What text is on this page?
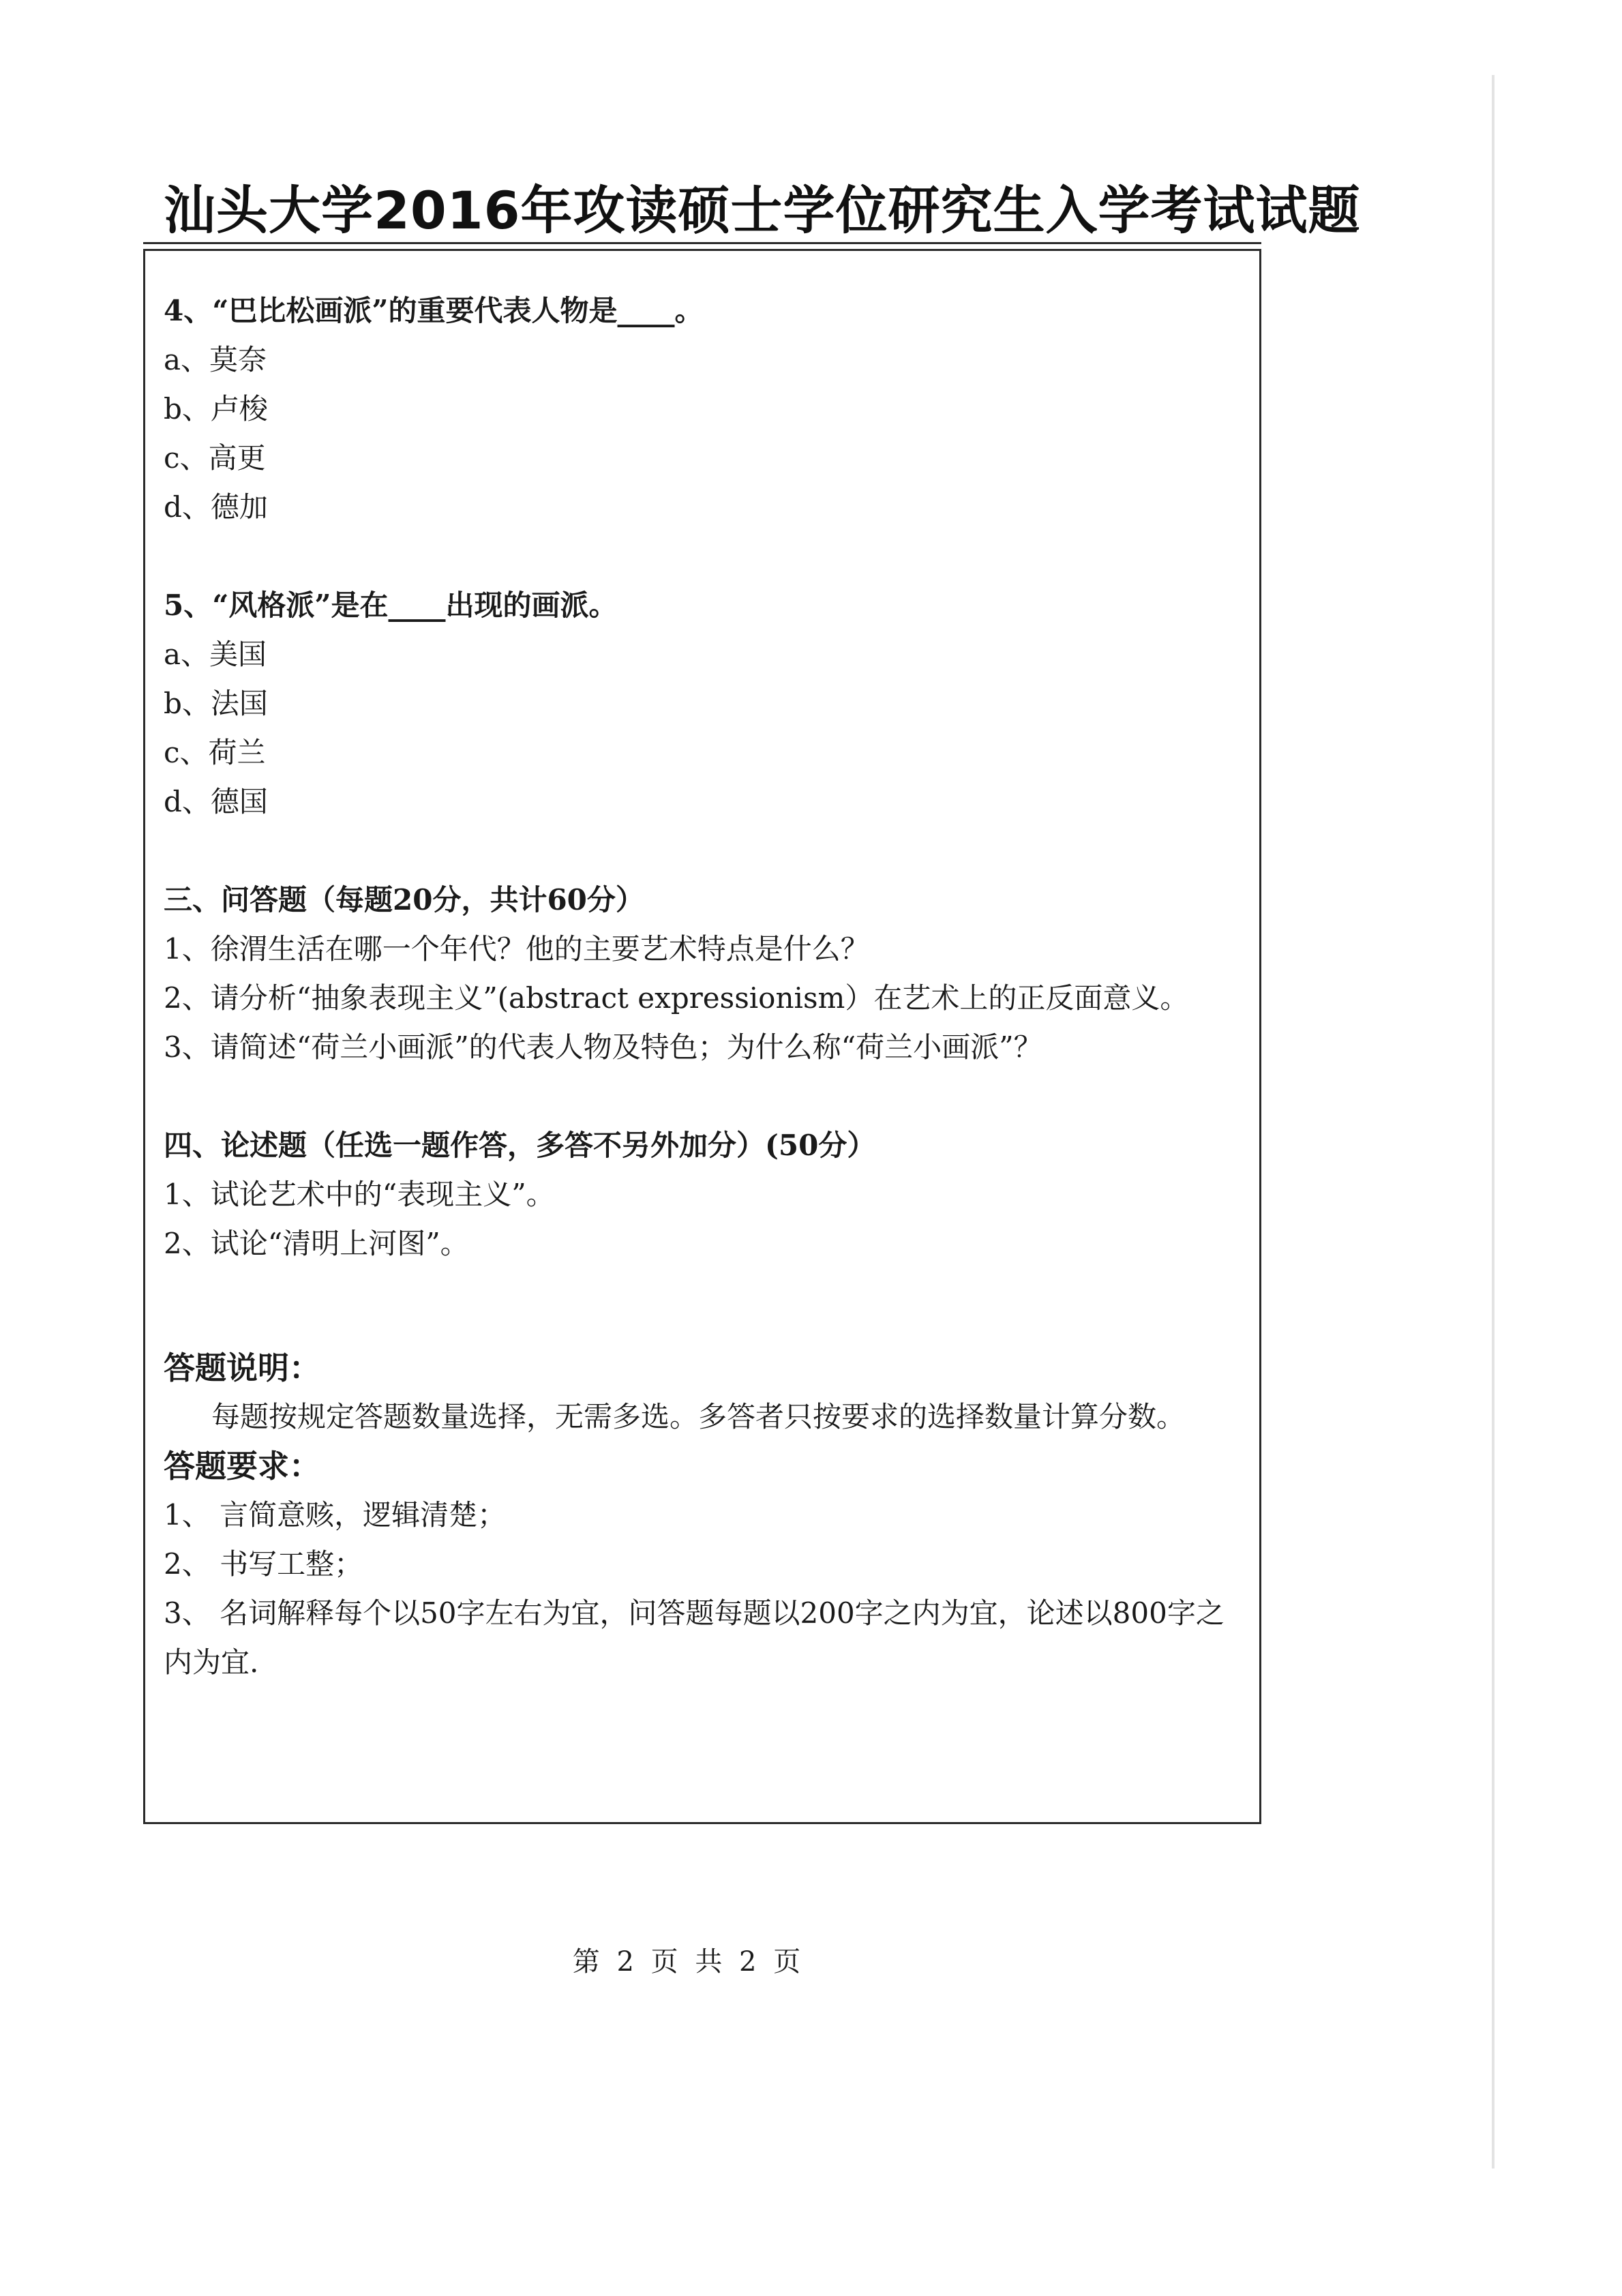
汕头大学2016年攻读硕士学位研究生入学考试试题
4、“巴比松画派”的重要代表人物是____。
a、莫奈
b、卢梭
c、高更
d、德加
5、“风格派”是在____出现的画派。
a、美国
b、法国
c、荷兰
d、德国
三、问答题（每题20分，共计60分）
1、徐渭生活在哪一个年代？他的主要艺术特点是什么？
2、请分析“抽象表现主义”(abstract expressionism）在艺术上的正反面意义。
3、请简述“荷兰小画派”的代表人物及特色；为什么称“荷兰小画派”？
四、论述题（任选一题作答，多答不另外加分）(50分）
1、试论艺术中的“表现主义”。
2、试论“清明上河图”。
答题说明：
每题按规定答题数量选择，无需多选。多答者只按要求的选择数量计算分数。
答题要求：
1、 言简意赅，逻辑清楚；
2、 书写工整；
3、 名词解释每个以50字左右为宜，问答题每题以200字之内为宜，论述以800字之内为宜.
第 2 页 共 2 页
